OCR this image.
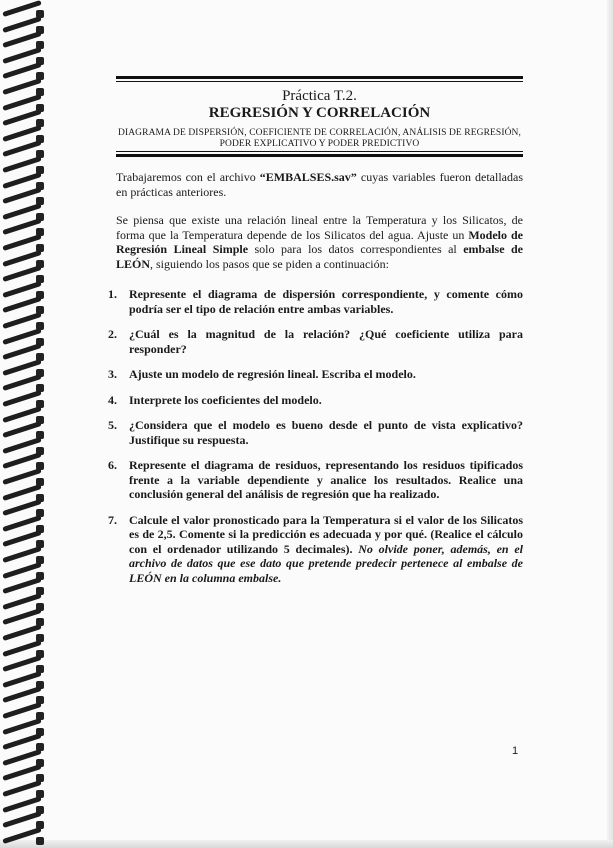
Práctica T.2.
REGRESIÓN Y CORRELACIÓN
DIAGRAMA DE DISPERSIÓN, COEFICIENTE DE CORRELACIÓN, ANÁLISIS DE REGRESIÓN,
PODER EXPLICATIVO Y PODER PREDICTIVO

Trabajaremos con el archivo “EMBALSES.sav” cuyas variables fueron detalladas en prácticas anteriores.

Se piensa que existe una relación lineal entre la Temperatura y los Silicatos, de forma que la Temperatura depende de los Silicatos del agua. Ajuste un Modelo de Regresión Lineal Simple solo para los datos correspondientes al embalse de LEÓN, siguiendo los pasos que se piden a continuación:

1. Represente el diagrama de dispersión correspondiente, y comente cómo podría ser el tipo de relación entre ambas variables.
2. ¿Cuál es la magnitud de la relación? ¿Qué coeficiente utiliza para responder?
3. Ajuste un modelo de regresión lineal. Escriba el modelo.
4. Interprete los coeficientes del modelo.
5. ¿Considera que el modelo es bueno desde el punto de vista explicativo? Justifique su respuesta.
6. Represente el diagrama de residuos, representando los residuos tipificados frente a la variable dependiente y analice los resultados. Realice una conclusión general del análisis de regresión que ha realizado.
7. Calcule el valor pronosticado para la Temperatura si el valor de los Silicatos es de 2,5. Comente si la predicción es adecuada y por qué. (Realice el cálculo con el ordenador utilizando 5 decimales). No olvide poner, además, en el archivo de datos que ese dato que pretende predecir pertenece al embalse de LEÓN en la columna embalse.
1
